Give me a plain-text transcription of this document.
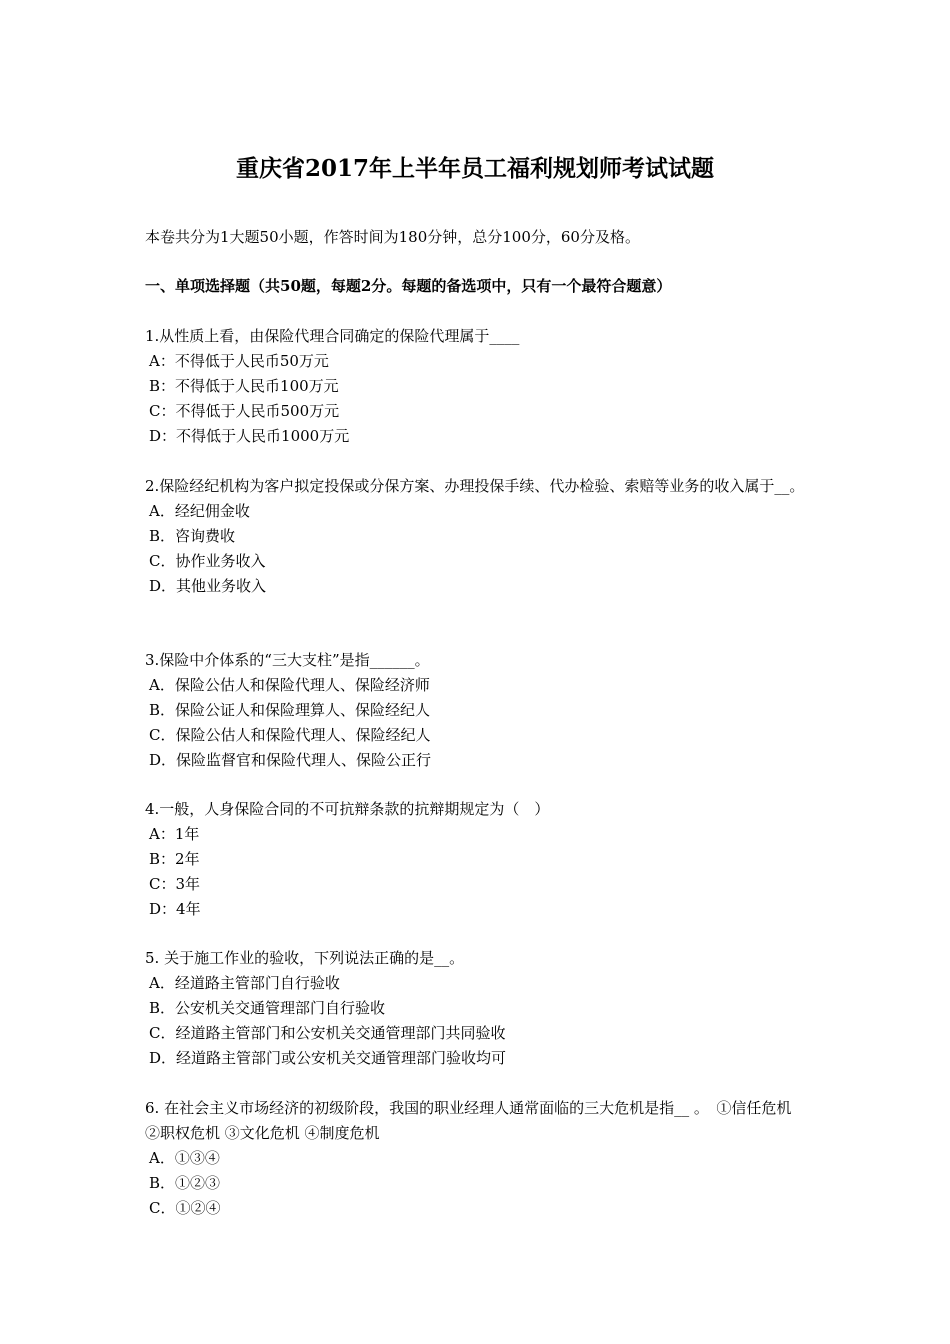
重庆省2017年上半年员工福利规划师考试试题
本卷共分为1大题50小题，作答时间为180分钟，总分100分，60分及格。
一、单项选择题（共50题，每题2分。每题的备选项中，只有一个最符合题意）

1.从性质上看，由保险代理合同确定的保险代理属于____

A：不得低于人民币50万元
B：不得低于人民币100万元
C：不得低于人民币500万元
D：不得低于人民币1000万元

2.保险经纪机构为客户拟定投保或分保方案、办理投保手续、代办检验、索赔等业务的收入属于__。

A．经纪佣金收
B．咨询费收
C．协作业务收入
D．其他业务收入

3.保险中介体系的“三大支柱”是指______。

A．保险公估人和保险代理人、保险经济师
B．保险公证人和保险理算人、保险经纪人
C．保险公估人和保险代理人、保险经纪人
D．保险监督官和保险代理人、保险公正行

4.一般，人身保险合同的不可抗辩条款的抗辩期规定为（　）

A：1年
B：2年
C：3年
D：4年

5. 关于施工作业的验收，下列说法正确的是__。

A．经道路主管部门自行验收
B．公安机关交通管理部门自行验收
C．经道路主管部门和公安机关交通管理部门共同验收
D．经道路主管部门或公安机关交通管理部门验收均可

6. 在社会主义市场经济的初级阶段，我国的职业经理人通常面临的三大危机是指__ 。　①信任危机 ②职权危机 ③文化危机 ④制度危机

A．①③④
B．①②③
C．①②④
